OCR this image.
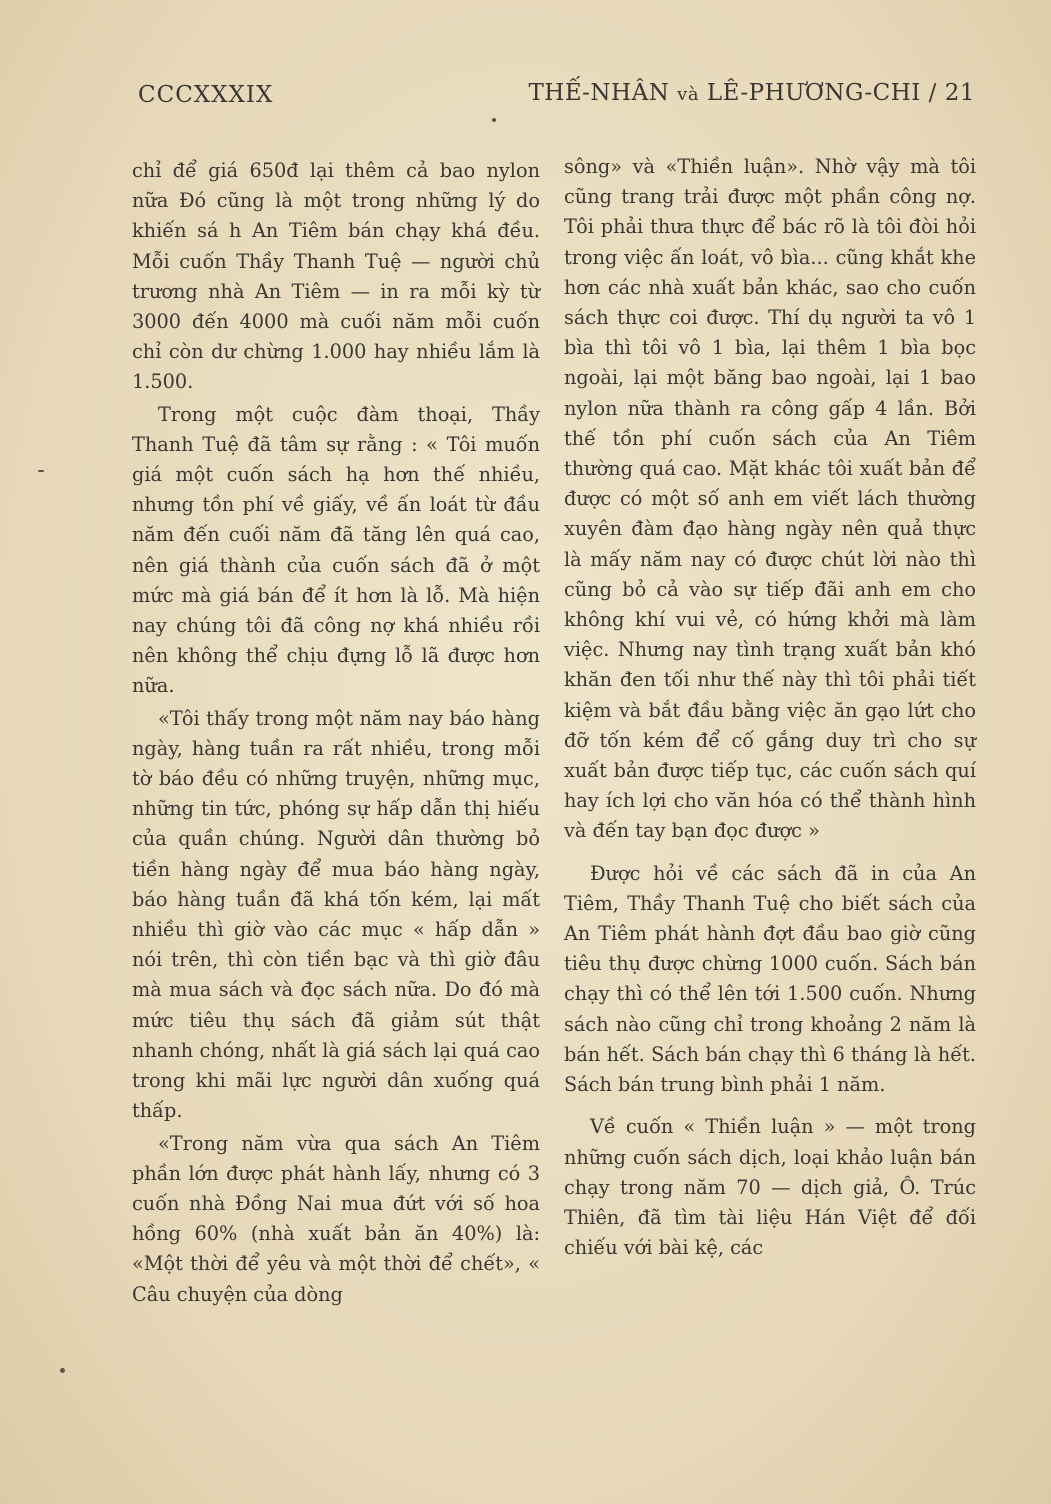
CCCXXXIX	THẾ-NHÂN và LÊ-PHƯƠNG-CHI / 21

chỉ để giá 650đ lại thêm cả bao nylon nữa Đó cũng là một trong những lý do khiến sá h An Tiêm bán chạy khá đều. Mỗi cuốn Thầy Thanh Tuệ — người chủ trương nhà An Tiêm — in ra mỗi kỳ từ 3000 đến 4000 mà cuối năm mỗi cuốn chỉ còn dư chừng 1.000 hay nhiều lắm là 1.500.

Trong một cuộc đàm thoại, Thầy Thanh Tuệ đã tâm sự rằng : « Tôi muốn giá một cuốn sách hạ hơn thế nhiều, nhưng tồn phí về giấy, về ấn loát từ đầu năm đến cuối năm đã tăng lên quá cao, nên giá thành của cuốn sách đã ở một mức mà giá bán để ít hơn là lỗ. Mà hiện nay chúng tôi đã công nợ khá nhiều rồi nên không thể chịu đựng lỗ lã được hơn nữa.

«Tôi thấy trong một năm nay báo hàng ngày, hàng tuần ra rất nhiều, trong mỗi tờ báo đều có những truyện, những mục, những tin tức, phóng sự hấp dẫn thị hiếu của quần chúng. Người dân thường bỏ tiền hàng ngày để mua báo hàng ngày, báo hàng tuần đã khá tốn kém, lại mất nhiều thì giờ vào các mục « hấp dẫn » nói trên, thì còn tiền bạc và thì giờ đâu mà mua sách và đọc sách nữa. Do đó mà mức tiêu thụ sách đã giảm sút thật nhanh chóng, nhất là giá sách lại quá cao trong khi mãi lực người dân xuống quá thấp.

«Trong năm vừa qua sách An Tiêm phần lớn được phát hành lấy, nhưng có 3 cuốn nhà Đồng Nai mua đứt với số hoa hồng 60% (nhà xuất bản ăn 40%) là: «Một thời để yêu và một thời để chết», « Câu chuyện của dòng

sông» và «Thiền luận». Nhờ vậy mà tôi cũng trang trải được một phần công nợ. Tôi phải thưa thực để bác rõ là tôi đòi hỏi trong việc ấn loát, vô bìa... cũng khắt khe hơn các nhà xuất bản khác, sao cho cuốn sách thực coi được. Thí dụ người ta vô 1 bìa thì tôi vô 1 bìa, lại thêm 1 bìa bọc ngoài, lại một băng bao ngoài, lại 1 bao nylon nữa thành ra công gấp 4 lần. Bởi thế tồn phí cuốn sách của An Tiêm thường quá cao. Mặt khác tôi xuất bản để được có một số anh em viết lách thường xuyên đàm đạo hàng ngày nên quả thực là mấy năm nay có được chút lời nào thì cũng bỏ cả vào sự tiếp đãi anh em cho không khí vui vẻ, có hứng khởi mà làm việc. Nhưng nay tình trạng xuất bản khó khăn đen tối như thế này thì tôi phải tiết kiệm và bắt đầu bằng việc ăn gạo lứt cho đỡ tốn kém để cố gắng duy trì cho sự xuất bản được tiếp tục, các cuốn sách quí hay ích lợi cho văn hóa có thể thành hình và đến tay bạn đọc được »

Được hỏi về các sách đã in của An Tiêm, Thầy Thanh Tuệ cho biết sách của An Tiêm phát hành đợt đầu bao giờ cũng tiêu thụ được chừng 1000 cuốn. Sách bán chạy thì có thể lên tới 1.500 cuốn. Nhưng sách nào cũng chỉ trong khoảng 2 năm là bán hết. Sách bán chạy thì 6 tháng là hết. Sách bán trung bình phải 1 năm.

Về cuốn « Thiền luận » — một trong những cuốn sách dịch, loại khảo luận bán chạy trong năm 70 — dịch giả, Ô. Trúc Thiên, đã tìm tài liệu Hán Việt để đối chiếu với bài kệ, các
